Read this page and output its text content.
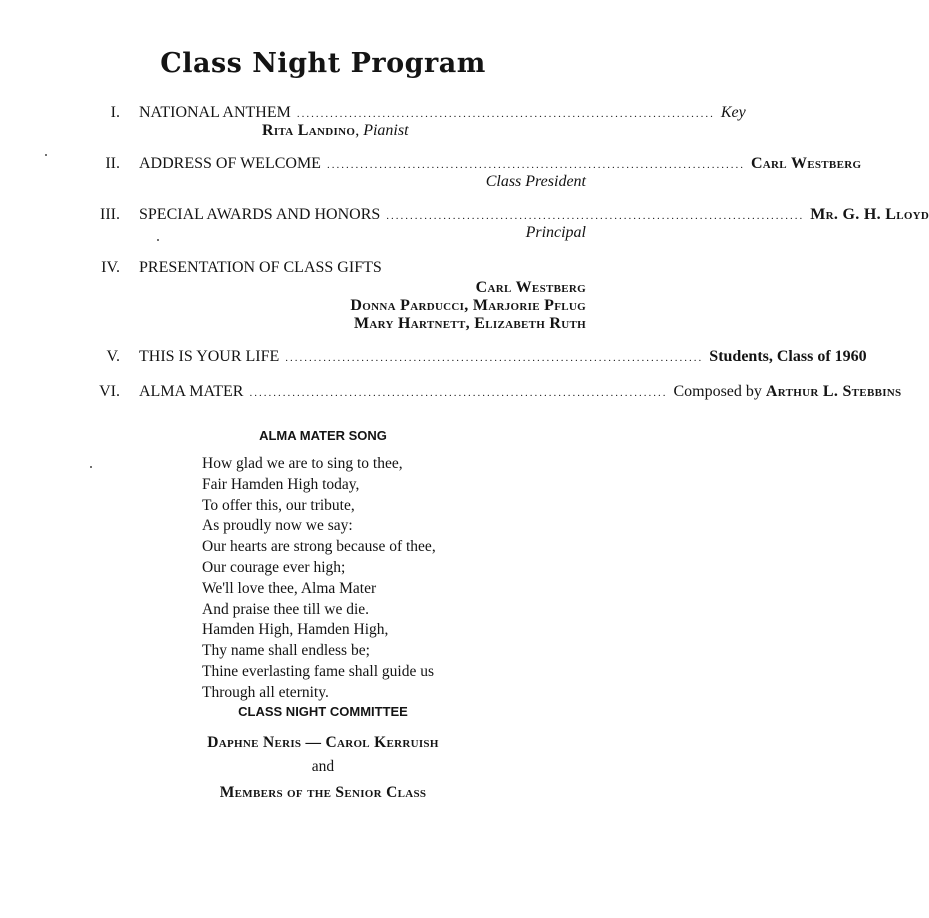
Class Night Program
I. NATIONAL ANTHEM ........................................................................................ Key
Rita Landino, Pianist
II. ADDRESS OF WELCOME ........................................................................................ Carl Westberg
Class President
III. SPECIAL AWARDS AND HONORS ........................................................................................ Mr. G. H. Lloyd
Principal
IV. PRESENTATION OF CLASS GIFTS
Carl Westberg
Donna Parducci, Marjorie Pflug
Mary Hartnett, Elizabeth Ruth
V. THIS IS YOUR LIFE ........................................................................................ Students, Class of 1960
VI. ALMA MATER ........................................................................................ Composed by
Arthur L. Stebbins
ALMA MATER SONG
How glad we are to sing to thee,
Fair Hamden High today,
To offer this, our tribute,
As proudly now we say:
Our hearts are strong because of thee,
Our courage ever high;
We'll love thee, Alma Mater
And praise thee till we die.
Hamden High, Hamden High,
Thy name shall endless be;
Thine everlasting fame shall guide us
Through all eternity.
CLASS NIGHT COMMITTEE
Daphne Neris — Carol Kerruish
and
Members of the Senior Class
